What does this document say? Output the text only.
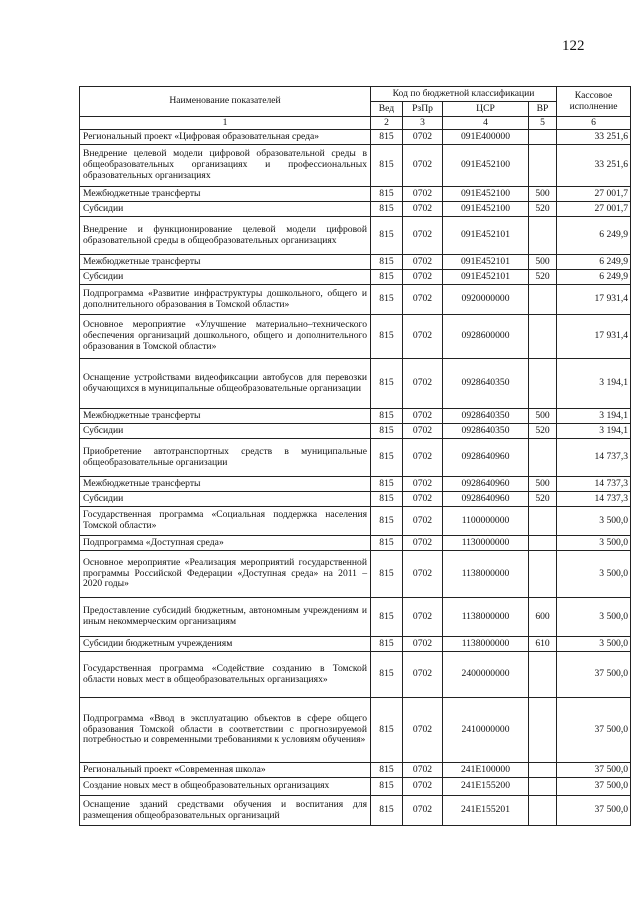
122
Наименование показателей	Код по бюджетной классификации				Кассовое исполнение
	Вед	РзПр	ЦСР	ВР	
1	2	3	4	5	6
Региональный проект «Цифровая образовательная среда»	815	0702	091E400000		33 251,6
Внедрение целевой модели цифровой образовательной среды в общеобразовательных организациях и профессиональных образовательных организациях	815	0702	091E452100		33 251,6
Межбюджетные трансферты	815	0702	091E452100	500	27 001,7
Субсидии	815	0702	091E452100	520	27 001,7
Внедрение и функционирование целевой модели цифровой образовательной среды в общеобразовательных организациях	815	0702	091E452101		6 249,9
Межбюджетные трансферты	815	0702	091E452101	500	6 249,9
Субсидии	815	0702	091E452101	520	6 249,9
Подпрограмма «Развитие инфраструктуры дошкольного, общего и дополнительного образования в Томской области»	815	0702	0920000000		17 931,4
Основное мероприятие «Улучшение материально–технического обеспечения организаций дошкольного, общего и дополнительного образования в Томской области»	815	0702	0928600000		17 931,4
Оснащение устройствами видеофиксации автобусов для перевозки обучающихся в муниципальные общеобразовательные организации	815	0702	0928640350		3 194,1
Межбюджетные трансферты	815	0702	0928640350	500	3 194,1
Субсидии	815	0702	0928640350	520	3 194,1
Приобретение автотранспортных средств в муниципальные общеобразовательные организации	815	0702	0928640960		14 737,3
Межбюджетные трансферты	815	0702	0928640960	500	14 737,3
Субсидии	815	0702	0928640960	520	14 737,3
Государственная программа «Социальная поддержка населения Томской области»	815	0702	1100000000		3 500,0
Подпрограмма «Доступная среда»	815	0702	1130000000		3 500,0
Основное мероприятие «Реализация мероприятий государственной программы Российской Федерации «Доступная среда» на 2011 – 2020 годы»	815	0702	1138000000		3 500,0
Предоставление субсидий бюджетным, автономным учреждениям и иным некоммерческим организациям	815	0702	1138000000	600	3 500,0
Субсидии бюджетным учреждениям	815	0702	1138000000	610	3 500,0
Государственная программа «Содействие созданию в Томской области новых мест в общеобразовательных организациях»	815	0702	2400000000		37 500,0
Подпрограмма «Ввод в эксплуатацию объектов в сфере общего образования Томской области в соответствии с прогнозируемой потребностью и современными требованиями к условиям обучения»	815	0702	2410000000		37 500,0
Региональный проект «Современная школа»	815	0702	241E100000		37 500,0
Создание новых мест в общеобразовательных организациях	815	0702	241E155200		37 500,0
Оснащение зданий средствами обучения и воспитания для размещения общеобразовательных организаций	815	0702	241E155201		37 500,0
